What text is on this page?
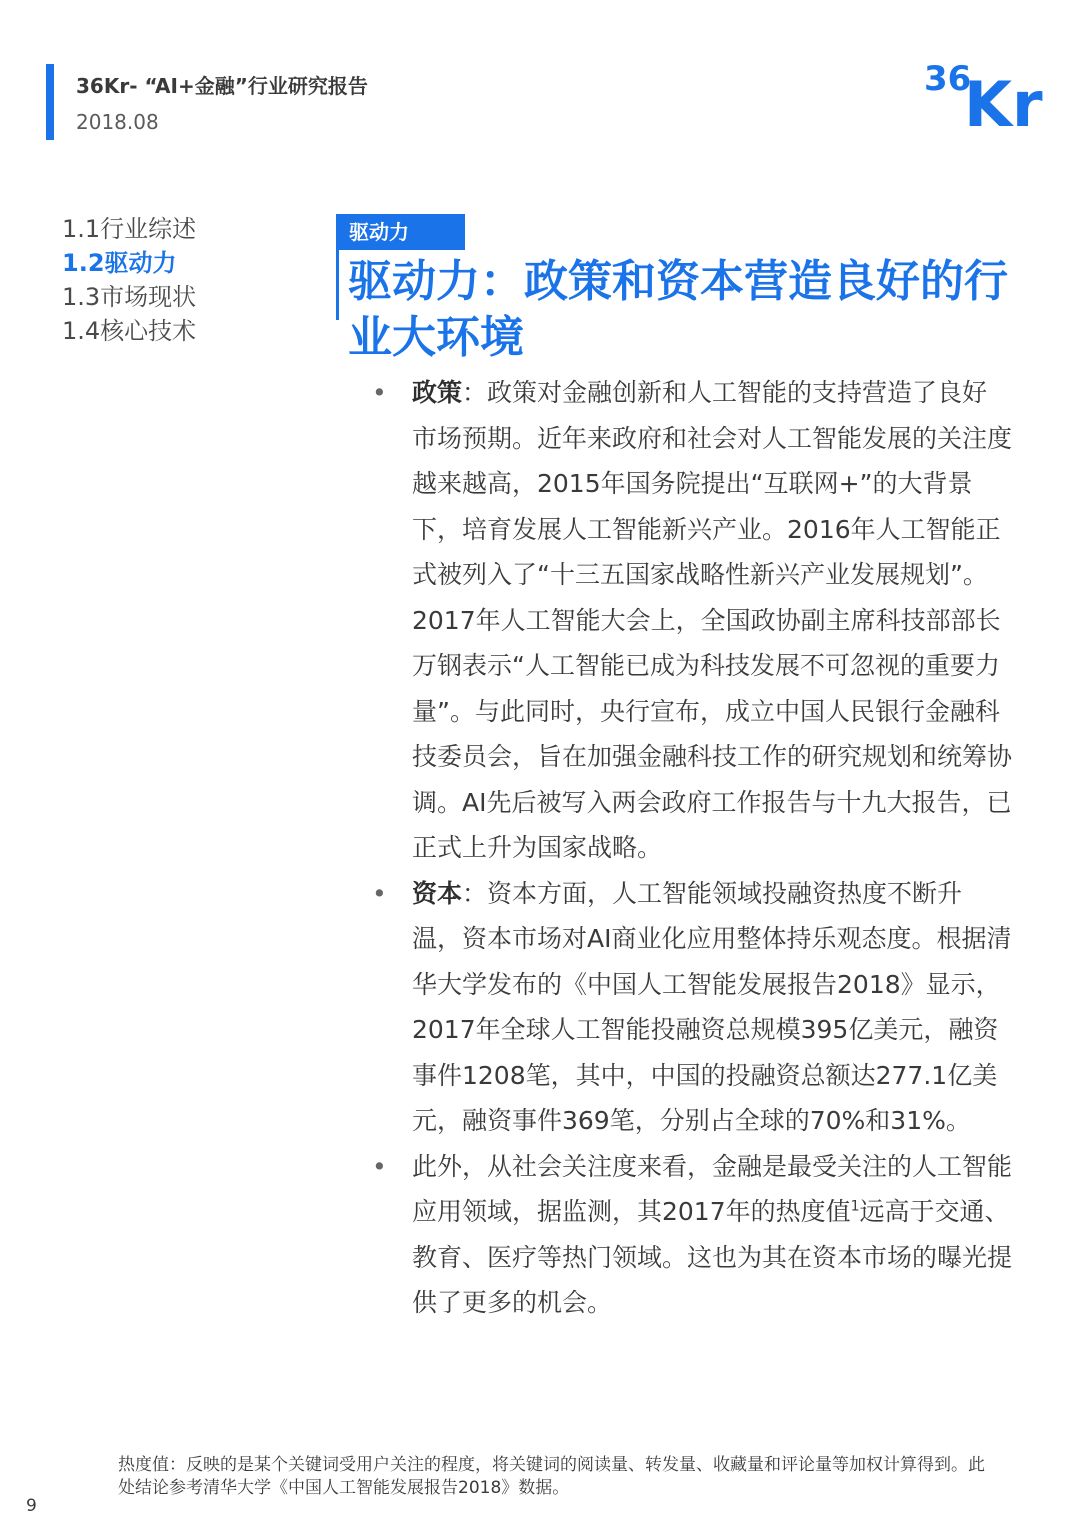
36Kr- “AI+金融”行业研究报告
2018.08
36
Kr
1.1行业综述
1.2驱动力
1.3市场现状
1.4核心技术
驱动力
驱动力：政策和资本营造良好的行业大环境
• 政策：政策对金融创新和人工智能的支持营造了良好市场预期。近年来政府和社会对人工智能发展的关注度越来越高，2015年国务院提出“互联网+”的大背景下，培育发展人工智能新兴产业。2016年人工智能正式被列入了“十三五国家战略性新兴产业发展规划”。2017年人工智能大会上，全国政协副主席科技部部长万钢表示“人工智能已成为科技发展不可忽视的重要力量”。与此同时，央行宣布，成立中国人民银行金融科技委员会，旨在加强金融科技工作的研究规划和统筹协调。AI先后被写入两会政府工作报告与十九大报告，已正式上升为国家战略。
• 资本：资本方面，人工智能领域投融资热度不断升温，资本市场对AI商业化应用整体持乐观态度。根据清华大学发布的《中国人工智能发展报告2018》显示，2017年全球人工智能投融资总规模395亿美元，融资事件1208笔，其中，中国的投融资总额达277.1亿美元，融资事件369笔，分别占全球的70%和31%。
• 此外，从社会关注度来看，金融是最受关注的人工智能应用领域，据监测，其2017年的热度值$^1$远高于交通、教育、医疗等热门领域。这也为其在资本市场的曝光提供了更多的机会。
热度值：反映的是某个关键词受用户关注的程度，将关键词的阅读量、转发量、收藏量和评论量等加权计算得到。此处结论参考清华大学《中国人工智能发展报告2018》数据。
9
